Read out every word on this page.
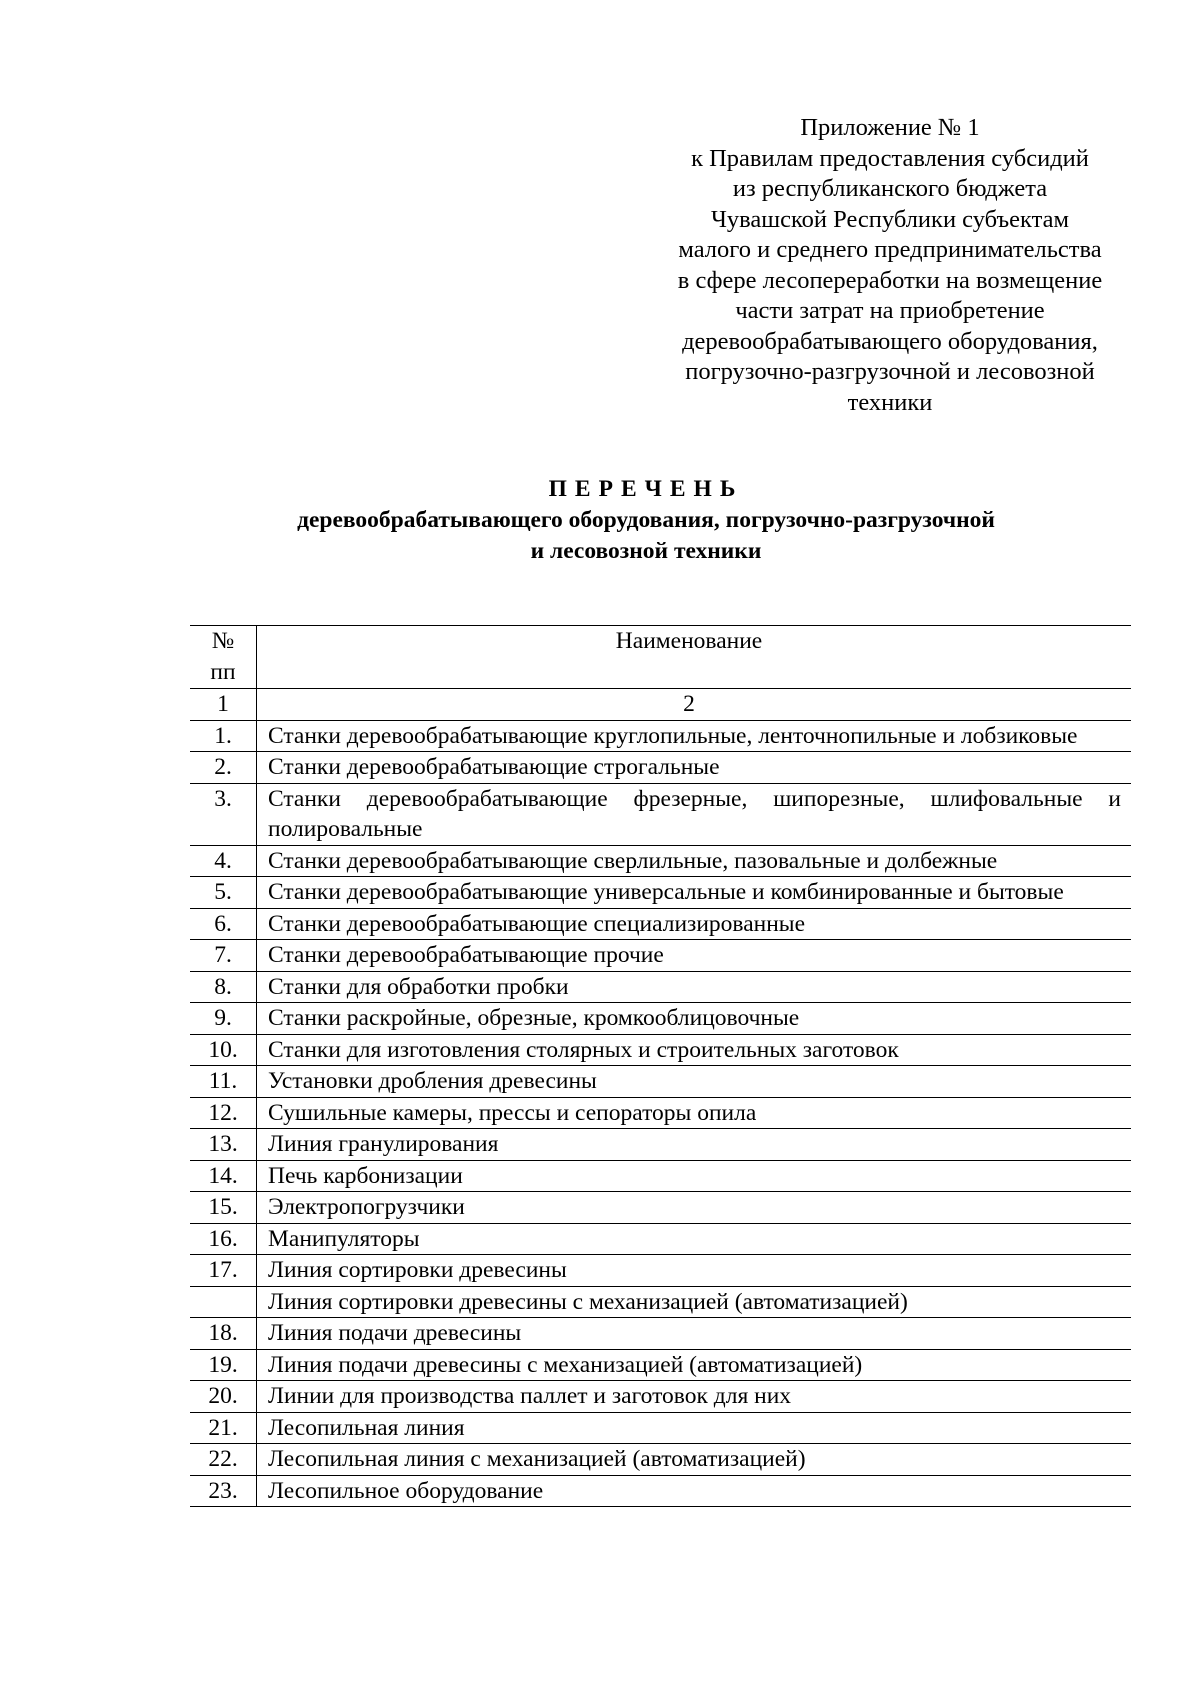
Приложение № 1
к Правилам предоставления субсидий
из республиканского бюджета
Чувашской Республики субъектам
малого и среднего предпринимательства
в сфере лесопереработки на возмещение
части затрат на приобретение
деревообрабатывающего оборудования,
погрузочно-разгрузочной и лесовозной
техники
ПЕРЕЧЕНЬ
деревообрабатывающего оборудования, погрузочно-разгрузочной
и лесовозной техники
№
пп	Наименование
1	2
1.	Станки деревообрабатывающие круглопильные, ленточнопильные и лобзиковые
2.	Станки деревообрабатывающие строгальные
3.	Станки деревообрабатывающие фрезерные, шипорезные, шлифовальные и полировальные
4.	Станки деревообрабатывающие сверлильные, пазовальные и долбежные
5.	Станки деревообрабатывающие универсальные и комбинированные и бытовые
6.	Станки деревообрабатывающие специализированные
7.	Станки деревообрабатывающие прочие
8.	Станки для обработки пробки
9.	Станки раскройные, обрезные, кромкооблицовочные
10.	Станки для изготовления столярных и строительных заготовок
11.	Установки дробления древесины
12.	Сушильные камеры, прессы и сепораторы опила
13.	Линия гранулирования
14.	Печь карбонизации
15.	Электропогрузчики
16.	Манипуляторы
17.	Линия сортировки древесины
	Линия сортировки древесины с механизацией (автоматизацией)
18.	Линия подачи древесины
19.	Линия подачи древесины с механизацией (автоматизацией)
20.	Линии для производства паллет и заготовок для них
21.	Лесопильная линия
22.	Лесопильная линия с механизацией (автоматизацией)
23.	Лесопильное оборудование
